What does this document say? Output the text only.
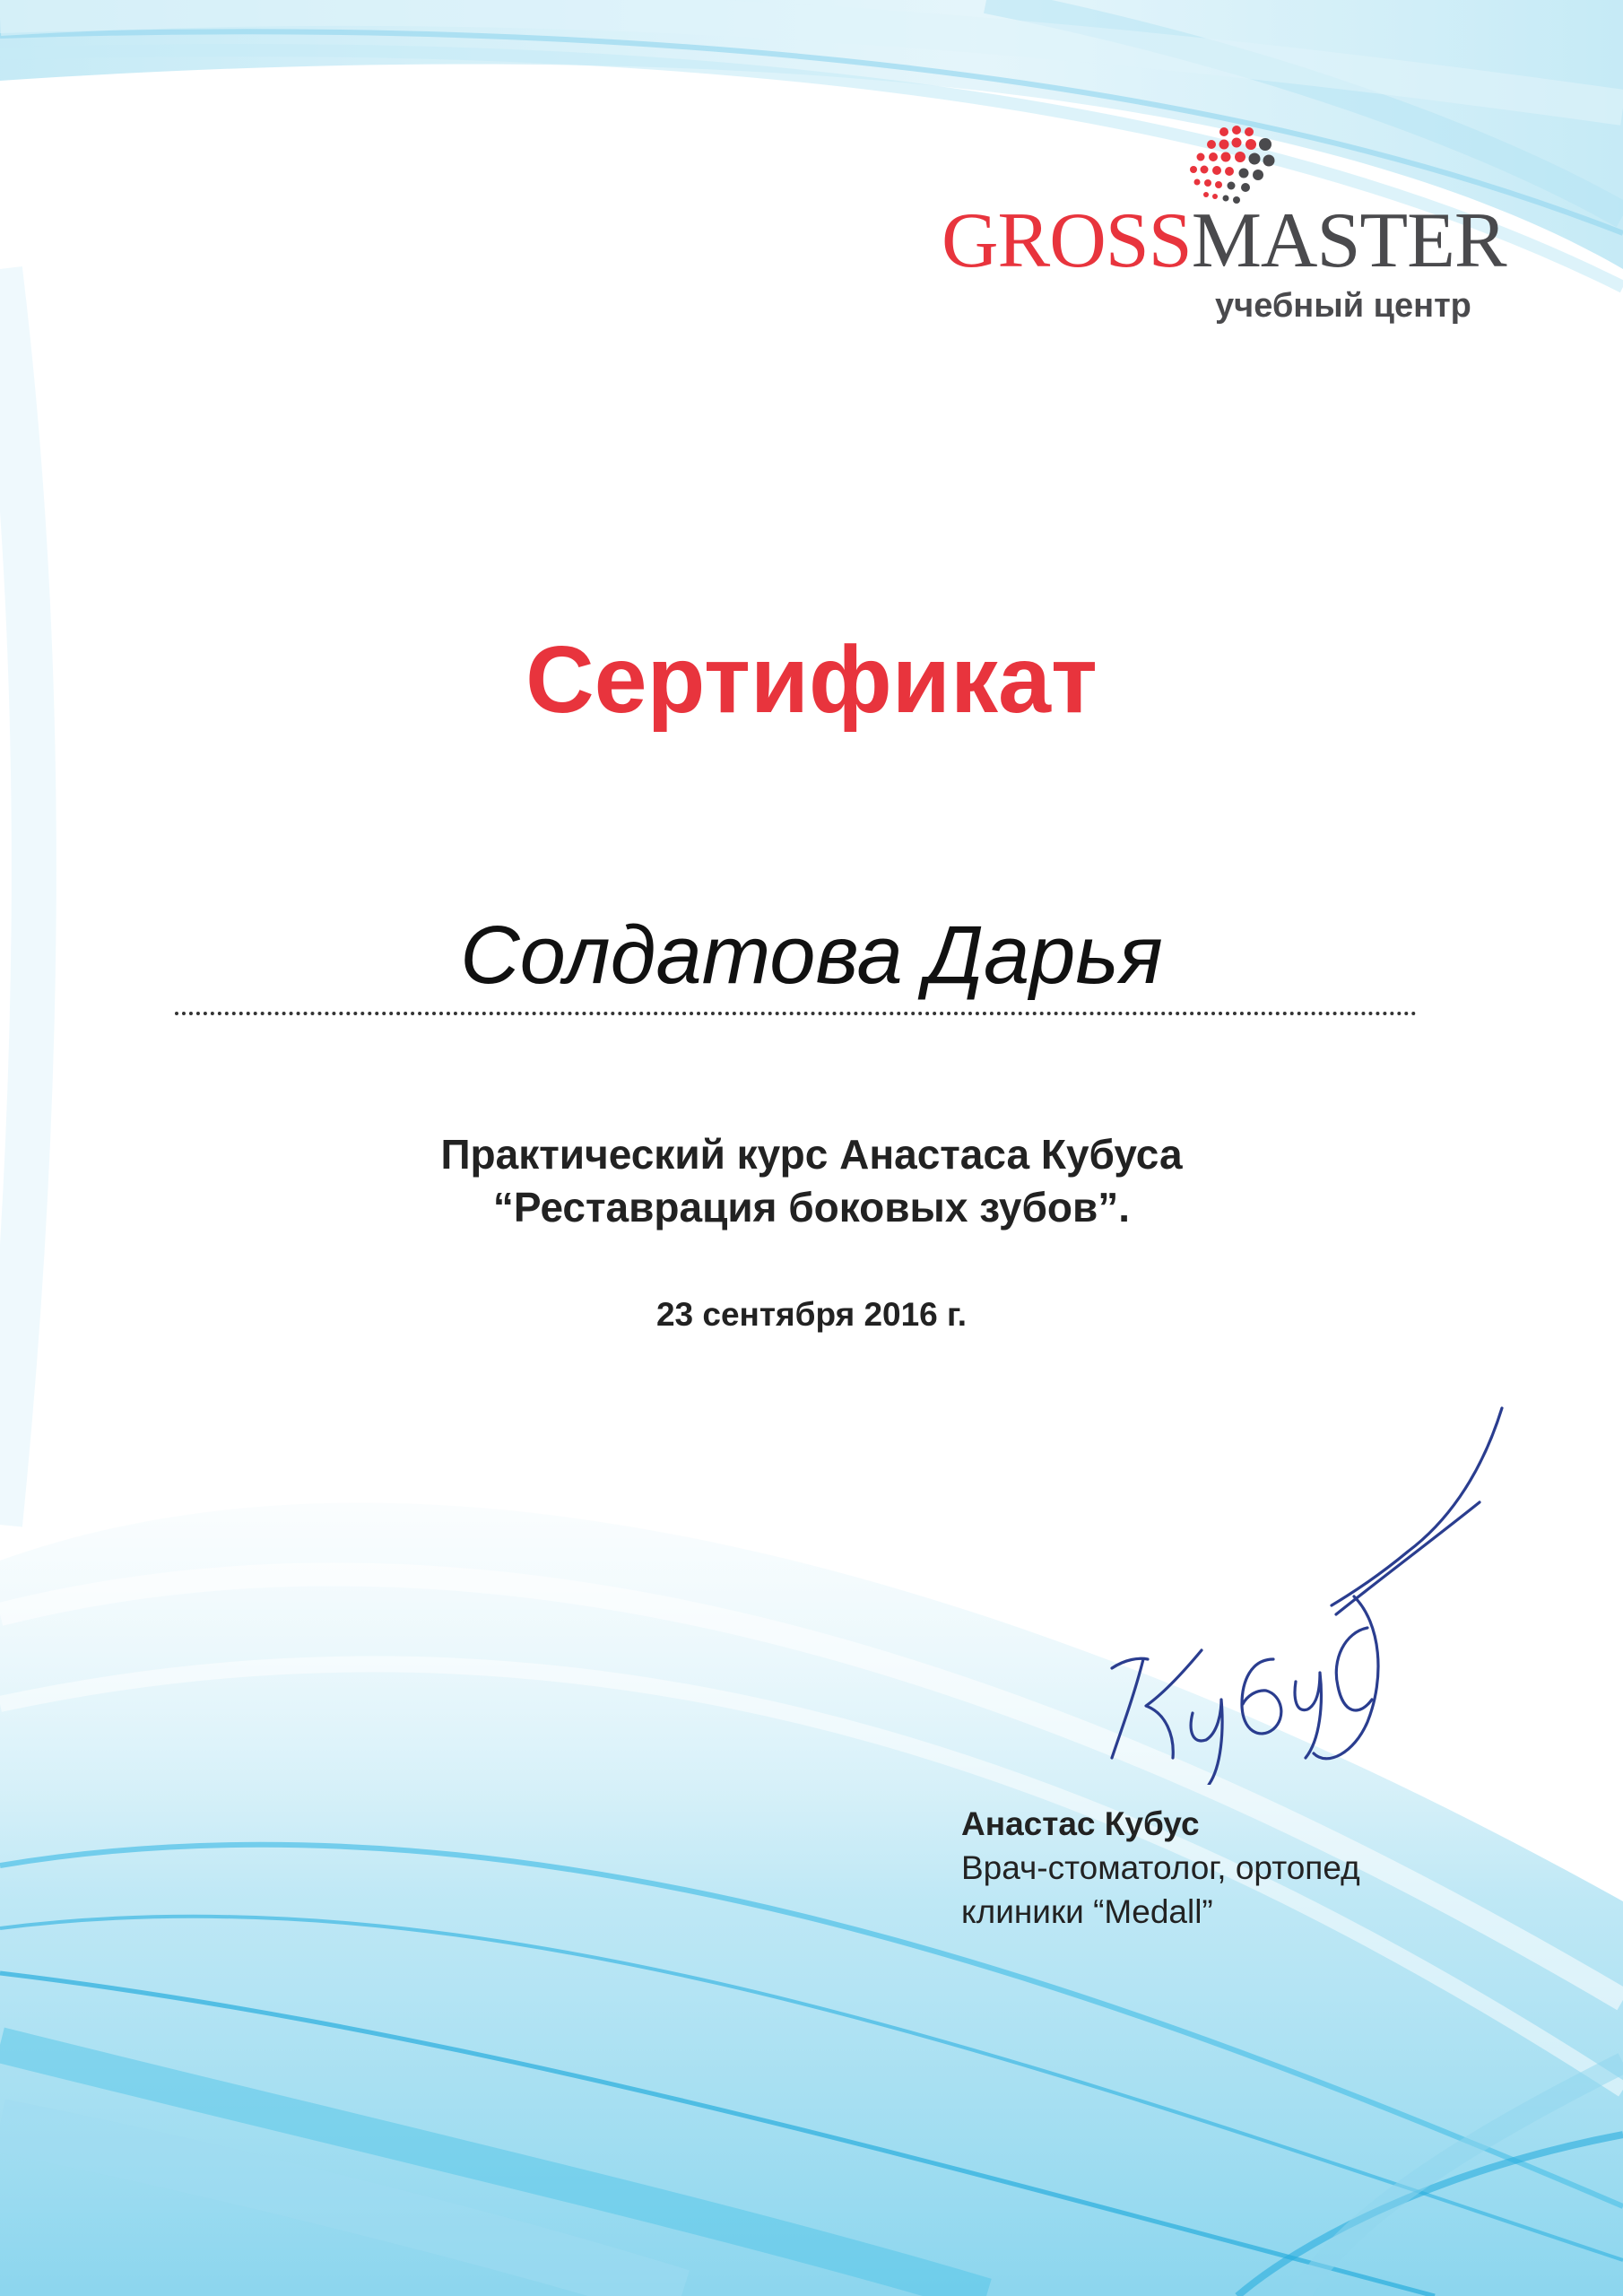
GROSSMASTER
учебный центр
Сертификат
Солдатова Дарья
Практический курс Анастаса Кубуса
“Реставрация боковых зубов”.
23 сентября 2016 г.
Анастас Кубус
Врач-стоматолог, ортопед
клиники “Medall”
